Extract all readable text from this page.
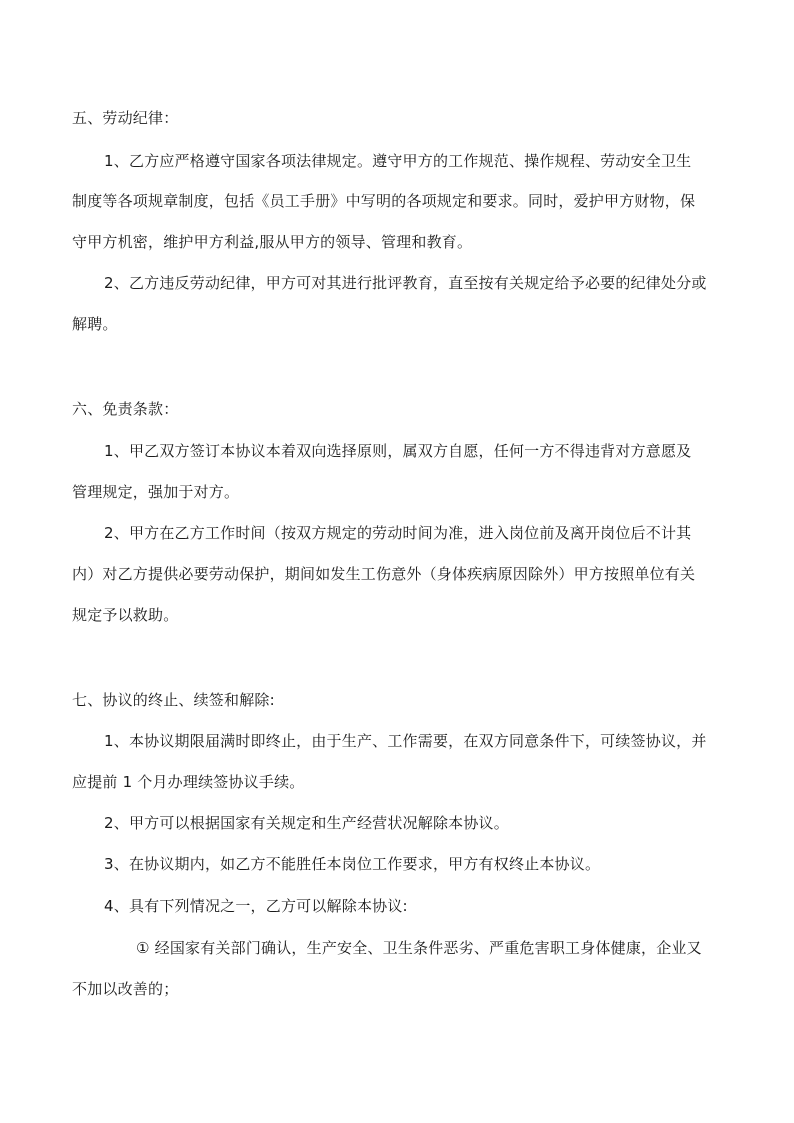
五、劳动纪律：
1、乙方应严格遵守国家各项法律规定。遵守甲方的工作规范、操作规程、劳动安全卫生
制度等各项规章制度，包括《员工手册》中写明的各项规定和要求。同时，爱护甲方财物，保
守甲方机密，维护甲方利益,服从甲方的领导、管理和教育。
2、乙方违反劳动纪律，甲方可对其进行批评教育，直至按有关规定给予必要的纪律处分或
解聘。
六、免责条款：
1、甲乙双方签订本协议本着双向选择原则，属双方自愿，任何一方不得违背对方意愿及
管理规定，强加于对方。
2、甲方在乙方工作时间（按双方规定的劳动时间为准，进入岗位前及离开岗位后不计其
内）对乙方提供必要劳动保护，期间如发生工伤意外（身体疾病原因除外）甲方按照单位有关
规定予以救助。
七、协议的终止、续签和解除:
1、本协议期限届满时即终止，由于生产、工作需要，在双方同意条件下，可续签协议，并
应提前 1 个月办理续签协议手续。
2、甲方可以根据国家有关规定和生产经营状况解除本协议。
3、在协议期内，如乙方不能胜任本岗位工作要求，甲方有权终止本协议。
4、具有下列情况之一，乙方可以解除本协议:
① 经国家有关部门确认，生产安全、卫生条件恶劣、严重危害职工身体健康，企业又
不加以改善的；
